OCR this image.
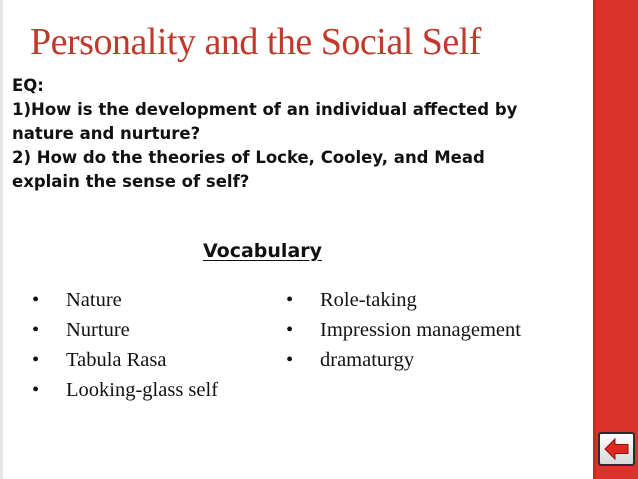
Personality and the Social Self
EQ:
1)How is the development of an individual affected by
nature and nurture?
2) How do the theories of Locke, Cooley, and Mead
explain the sense of self?
Vocabulary
• Nature
• Nurture
• Tabula Rasa
• Looking-glass self
• Role-taking
• Impression management
• dramaturgy
